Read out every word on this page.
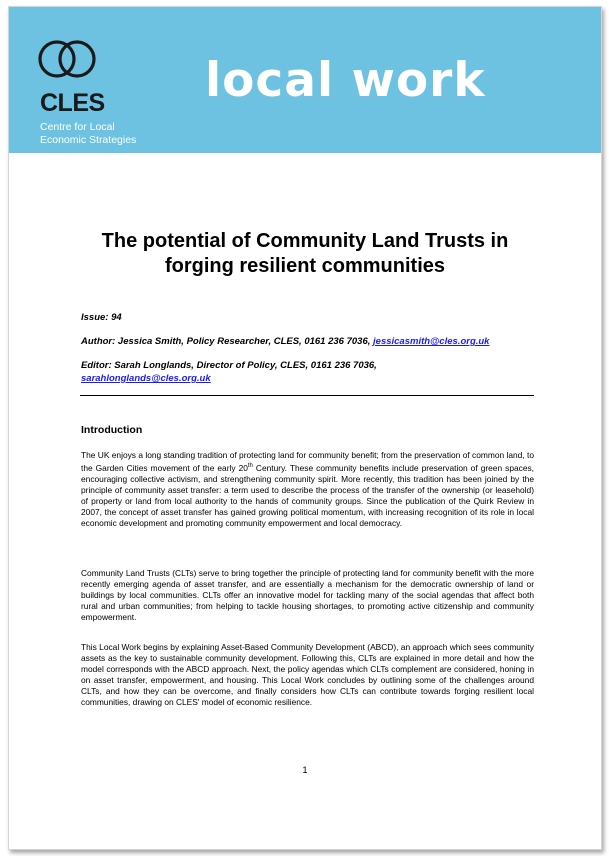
CLES
Centre for Local
Economic Strategies
local work
The potential of Community Land Trusts in
forging resilient communities
Issue: 94
Author: Jessica Smith, Policy Researcher, CLES, 0161 236 7036, jessicasmith@cles.org.uk
Editor: Sarah Longlands, Director of Policy, CLES, 0161 236 7036,
sarahlonglands@cles.org.uk
Introduction
The UK enjoys a long standing tradition of protecting land for community benefit; from the preservation of common land, to the Garden Cities movement of the early 20th Century. These community benefits include preservation of green spaces, encouraging collective activism, and strengthening community spirit. More recently, this tradition has been joined by the principle of community asset transfer: a term used to describe the process of the transfer of the ownership (or leasehold) of property or land from local authority to the hands of community groups. Since the publication of the Quirk Review in 2007, the concept of asset transfer has gained growing political momentum, with increasing recognition of its role in local economic development and promoting community empowerment and local democracy.
Community Land Trusts (CLTs) serve to bring together the principle of protecting land for community benefit with the more recently emerging agenda of asset transfer, and are essentially a mechanism for the democratic ownership of land or buildings by local communities. CLTs offer an innovative model for tackling many of the social agendas that affect both rural and urban communities; from helping to tackle housing shortages, to promoting active citizenship and community empowerment.
This Local Work begins by explaining Asset-Based Community Development (ABCD), an approach which sees community assets as the key to sustainable community development. Following this, CLTs are explained in more detail and how the model corresponds with the ABCD approach. Next, the policy agendas which CLTs complement are considered, honing in on asset transfer, empowerment, and housing. This Local Work concludes by outlining some of the challenges around CLTs, and how they can be overcome, and finally considers how CLTs can contribute towards forging resilient local communities, drawing on CLES' model of economic resilience.
1
